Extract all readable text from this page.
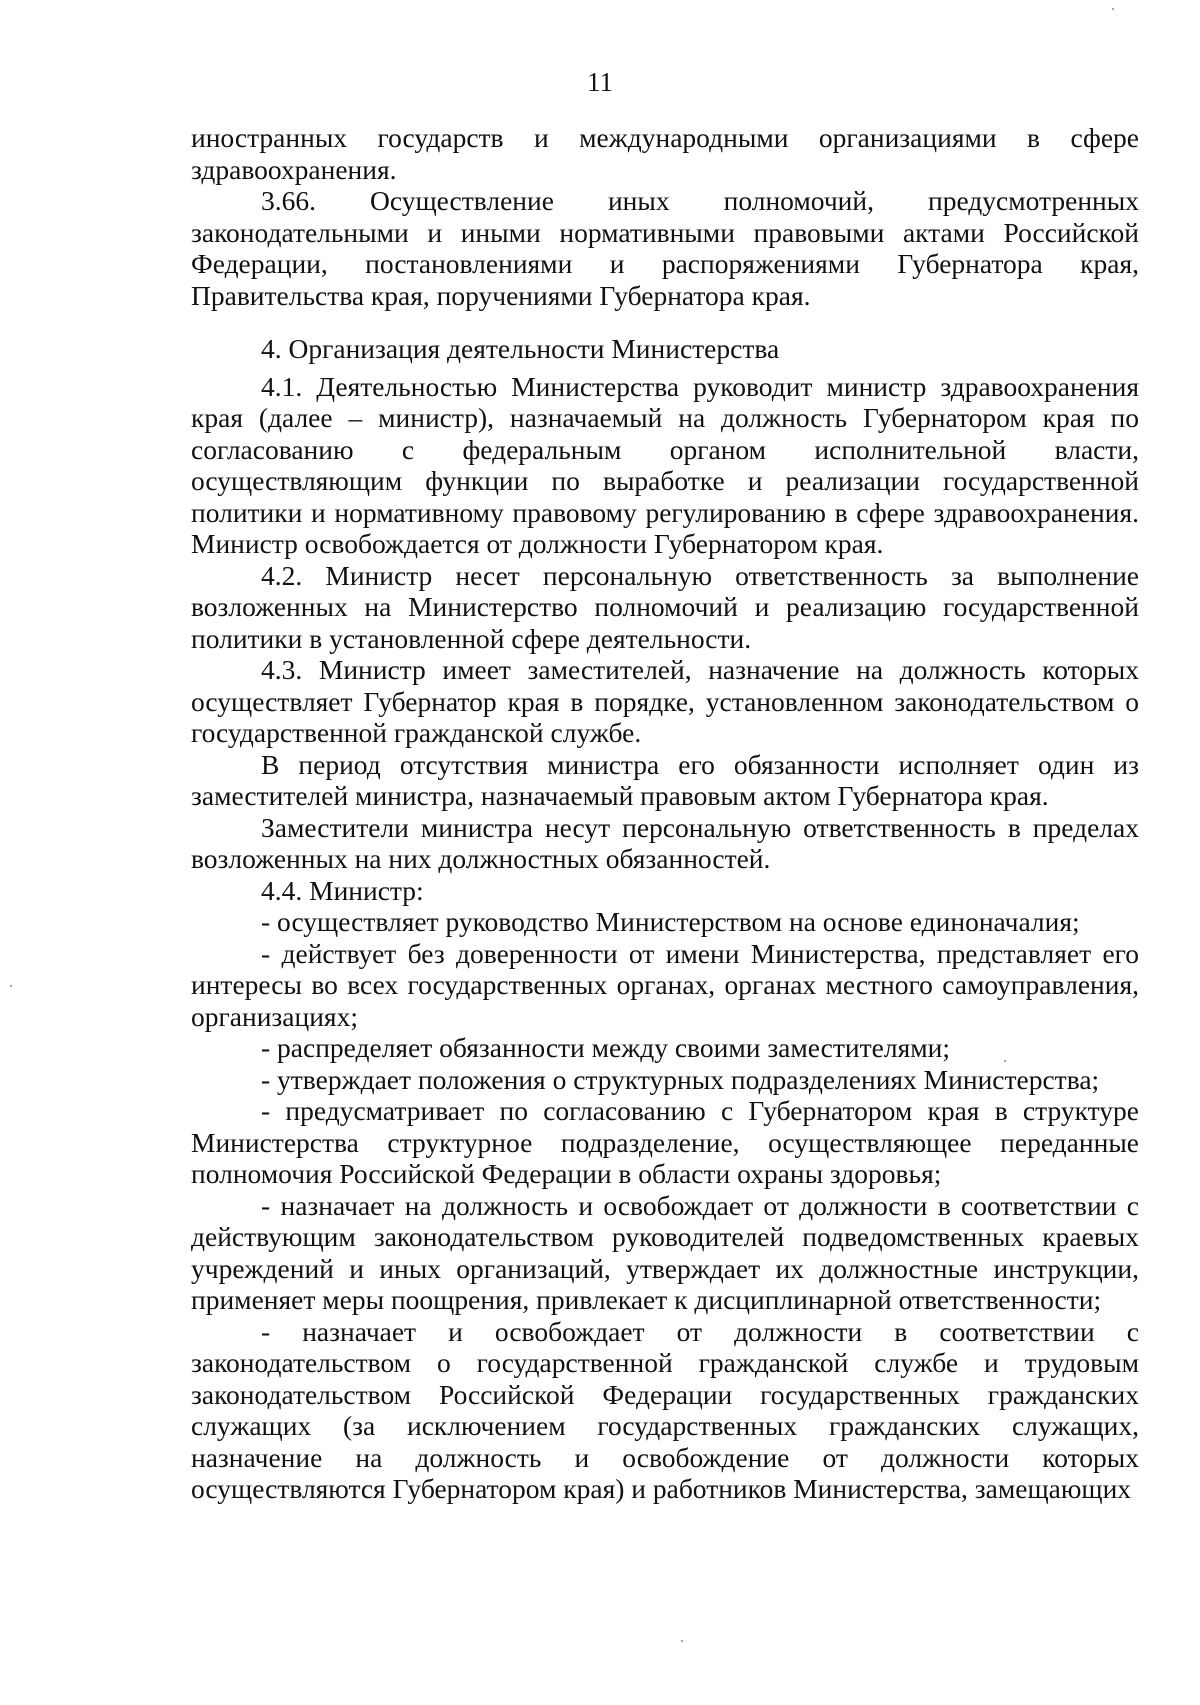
11

иностранных государств и международными организациями в сфере здравоохранения.

3.66. Осуществление иных полномочий, предусмотренных законодательными и иными нормативными правовыми актами Российской Федерации, постановлениями и распоряжениями Губернатора края, Правительства края, поручениями Губернатора края.

4. Организация деятельности Министерства

4.1. Деятельностью Министерства руководит министр здравоохранения края (далее – министр), назначаемый на должность Губернатором края по согласованию с федеральным органом исполнительной власти, осуществляющим функции по выработке и реализации государственной политики и нормативному правовому регулированию в сфере здравоохранения. Министр освобождается от должности Губернатором края.

4.2. Министр несет персональную ответственность за выполнение возложенных на Министерство полномочий и реализацию государственной политики в установленной сфере деятельности.

4.3. Министр имеет заместителей, назначение на должность которых осуществляет Губернатор края в порядке, установленном законодательством о государственной гражданской службе.

В период отсутствия министра его обязанности исполняет один из заместителей министра, назначаемый правовым актом Губернатора края.

Заместители министра несут персональную ответственность в пределах возложенных на них должностных обязанностей.

4.4. Министр:

- осуществляет руководство Министерством на основе единоначалия;

- действует без доверенности от имени Министерства, представляет его интересы во всех государственных органах, органах местного самоуправления, организациях;

- распределяет обязанности между своими заместителями;

- утверждает положения о структурных подразделениях Министерства;

- предусматривает по согласованию с Губернатором края в структуре Министерства структурное подразделение, осуществляющее переданные полномочия Российской Федерации в области охраны здоровья;

- назначает на должность и освобождает от должности в соответствии с действующим законодательством руководителей подведомственных краевых учреждений и иных организаций, утверждает их должностные инструкции, применяет меры поощрения, привлекает к дисциплинарной ответственности;

- назначает и освобождает от должности в соответствии с законодательством о государственной гражданской службе и трудовым законодательством Российской Федерации государственных гражданских служащих (за исключением государственных гражданских служащих, назначение на должность и освобождение от должности которых осуществляются Губернатором края) и работников Министерства, замещающих
